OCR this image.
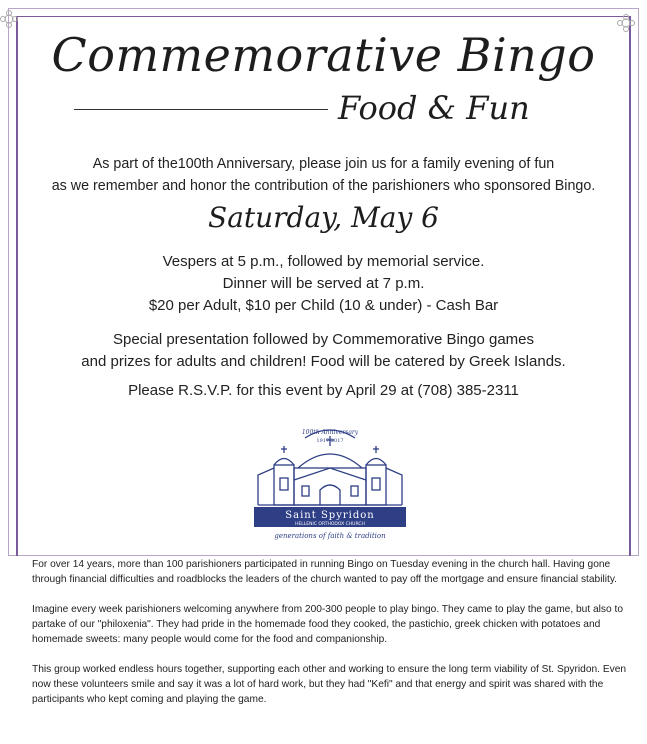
Commemorative Bingo
Food & Fun
As part of the100th Anniversary, please join us for a family evening of fun
as we remember and honor the contribution of the parishioners who sponsored Bingo.
Saturday, May 6
Vespers at 5 p.m., followed by memorial service.
Dinner will be served at 7 p.m.
$20 per Adult, $10 per Child (10 & under) - Cash Bar
Special presentation followed by Commemorative Bingo games
and prizes for adults and children! Food will be catered by Greek Islands.
Please R.S.V.P. for this event by April 29 at (708) 385-2311
100th Anniversary
1917-2017
Saint Spyridon
HELLENIC ORTHODOX CHURCH
generations of faith & tradition

For over 14 years, more than 100 parishioners participated in running Bingo on Tuesday evening in the church hall. Having gone through financial difficulties and roadblocks the leaders of the church wanted to pay off the mortgage and ensure financial stability.

Imagine every week parishioners welcoming anywhere from 200-300 people to play bingo. They came to play the game, but also to partake of our "philoxenia". They had pride in the homemade food they cooked, the pastichio, greek chicken with potatoes and homemade sweets: many people would come for the food and companionship.

This group worked endless hours together, supporting each other and working to ensure the long term viability of St. Spyridon. Even now these volunteers smile and say it was a lot of hard work, but they had "Kefi" and that energy and spirit was shared with the participants who kept coming and playing the game.
